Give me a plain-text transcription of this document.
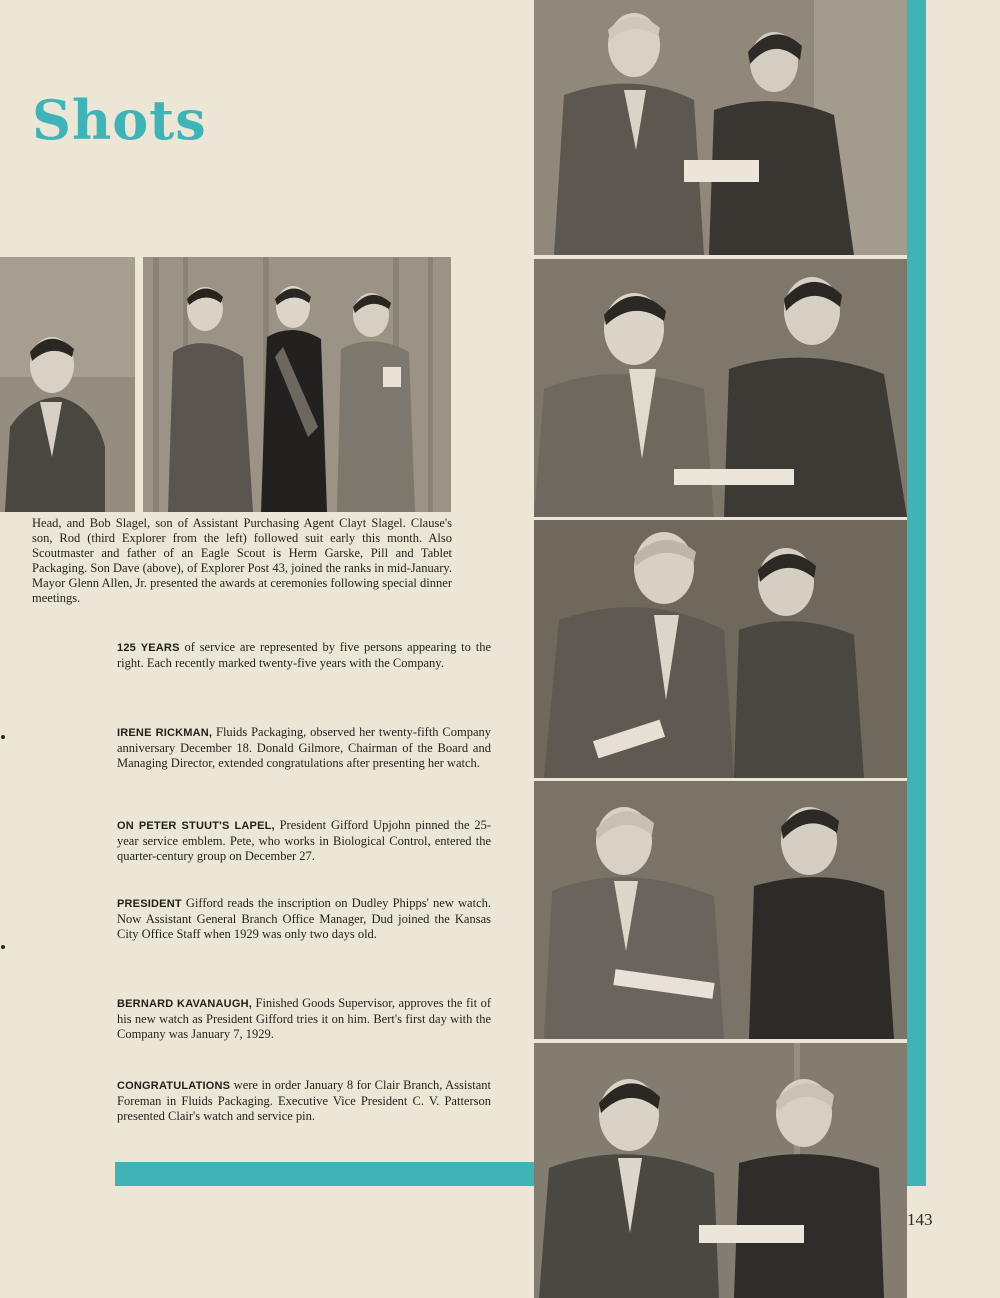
Shots

Head, and Bob Slagel, son of Assistant Purchasing Agent Clayt Slagel. Clause's son, Rod (third Explorer from the left) followed suit early this month. Also Scoutmaster and father of an Eagle Scout is Herm Garske, Pill and Tablet Packaging. Son Dave (above), of Explorer Post 43, joined the ranks in mid-January. Mayor Glenn Allen, Jr. presented the awards at ceremonies following special dinner meetings.

125 YEARS of service are represented by five persons appearing to the right. Each recently marked twenty-five years with the Company.

IRENE RICKMAN, Fluids Packaging, observed her twenty-fifth Company anniversary December 18. Donald Gilmore, Chairman of the Board and Managing Director, extended congratulations after presenting her watch.

ON PETER STUUT'S LAPEL, President Gifford Upjohn pinned the 25-year service emblem. Pete, who works in Biological Control, entered the quarter-century group on December 27.

PRESIDENT Gifford reads the inscription on Dudley Phipps' new watch. Now Assistant General Branch Office Manager, Dud joined the Kansas City Office Staff when 1929 was only two days old.

BERNARD KAVANAUGH, Finished Goods Supervisor, approves the fit of his new watch as President Gifford tries it on him. Bert's first day with the Company was January 7, 1929.

CONGRATULATIONS were in order January 8 for Clair Branch, Assistant Foreman in Fluids Packaging. Executive Vice President C. V. Patterson presented Clair's watch and service pin.

143
